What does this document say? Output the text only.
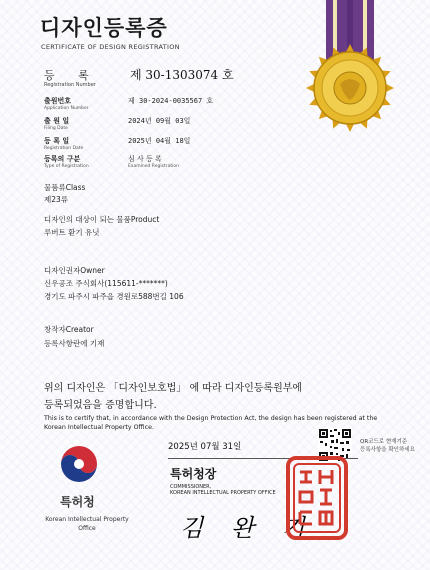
디자인등록증
CERTIFICATE OF DESIGN REGISTRATION
등 록
Registration Number
제 30-1303074 호
출원번호
Application Number
제 30-2024-0035567 호
출 원 일
Filing Date
2024년 09월 03일
등 록 일
Registration Date
2025년 04월 18일
등록의 구분
Type of Registration
심 사 등 록
Examined Registration
물품류Class
제23류
디자인의 대상이 되는 물품Product
루버트 환기 유닛
디자인권자Owner
신우공조 주식회사(115611-*******)
경기도 파주시 파주읍 경원로588번길 106
창작자Creator
등록사항란에 기재
위의 디자인은 「디자인보호법」 에 따라 디자인등록원부에
등록되었음을 증명합니다.
This is to certify that, in accordance with the Design Protection Act, the design has been registered at the
Korean Intellectual Property Office.
QR코드로 현재기준
등록사항을 확인하세요
2025년 07월 31일
특허청장
COMMISSIONER,
KOREAN INTELLECTUAL PROPERTY OFFICE
김 완 기
특허청
Korean Intellectual Property Office
